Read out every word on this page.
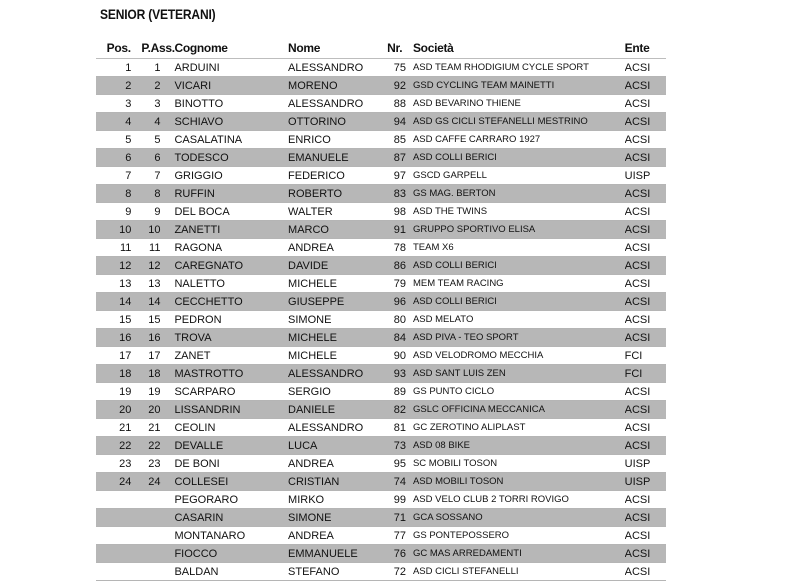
SENIOR (VETERANI)
Pos.	P.Ass.	Cognome	Nome	Nr.	Società	Ente
1	1	ARDUINI	ALESSANDRO	75	ASD TEAM RHODIGIUM CYCLE SPORT	ACSI
2	2	VICARI	MORENO	92	GSD CYCLING TEAM MAINETTI	ACSI
3	3	BINOTTO	ALESSANDRO	88	ASD BEVARINO THIENE	ACSI
4	4	SCHIAVO	OTTORINO	94	ASD GS CICLI STEFANELLI MESTRINO	ACSI
5	5	CASALATINA	ENRICO	85	ASD CAFFE CARRARO 1927	ACSI
6	6	TODESCO	EMANUELE	87	ASD COLLI BERICI	ACSI
7	7	GRIGGIO	FEDERICO	97	GSCD GARPELL	UISP
8	8	RUFFIN	ROBERTO	83	GS MAG. BERTON	ACSI
9	9	DEL BOCA	WALTER	98	ASD THE TWINS	ACSI
10	10	ZANETTI	MARCO	91	GRUPPO SPORTIVO ELISA	ACSI
11	11	RAGONA	ANDREA	78	TEAM X6	ACSI
12	12	CAREGNATO	DAVIDE	86	ASD COLLI BERICI	ACSI
13	13	NALETTO	MICHELE	79	MEM TEAM RACING	ACSI
14	14	CECCHETTO	GIUSEPPE	96	ASD COLLI BERICI	ACSI
15	15	PEDRON	SIMONE	80	ASD MELATO	ACSI
16	16	TROVA	MICHELE	84	ASD PIVA - TEO SPORT	ACSI
17	17	ZANET	MICHELE	90	ASD VELODROMO MECCHIA	FCI
18	18	MASTROTTO	ALESSANDRO	93	ASD SANT LUIS ZEN	FCI
19	19	SCARPARO	SERGIO	89	GS PUNTO CICLO	ACSI
20	20	LISSANDRIN	DANIELE	82	GSLC OFFICINA MECCANICA	ACSI
21	21	CEOLIN	ALESSANDRO	81	GC ZEROTINO ALIPLAST	ACSI
22	22	DEVALLE	LUCA	73	ASD 08 BIKE	ACSI
23	23	DE BONI	ANDREA	95	SC MOBILI TOSON	UISP
24	24	COLLESEI	CRISTIAN	74	ASD MOBILI TOSON	UISP
		PEGORARO	MIRKO	99	ASD VELO CLUB 2 TORRI ROVIGO	ACSI
		CASARIN	SIMONE	71	GCA SOSSANO	ACSI
		MONTANARO	ANDREA	77	GS PONTEPOSSERO	ACSI
		FIOCCO	EMMANUELE	76	GC MAS ARREDAMENTI	ACSI
		BALDAN	STEFANO	72	ASD CICLI STEFANELLI	ACSI
